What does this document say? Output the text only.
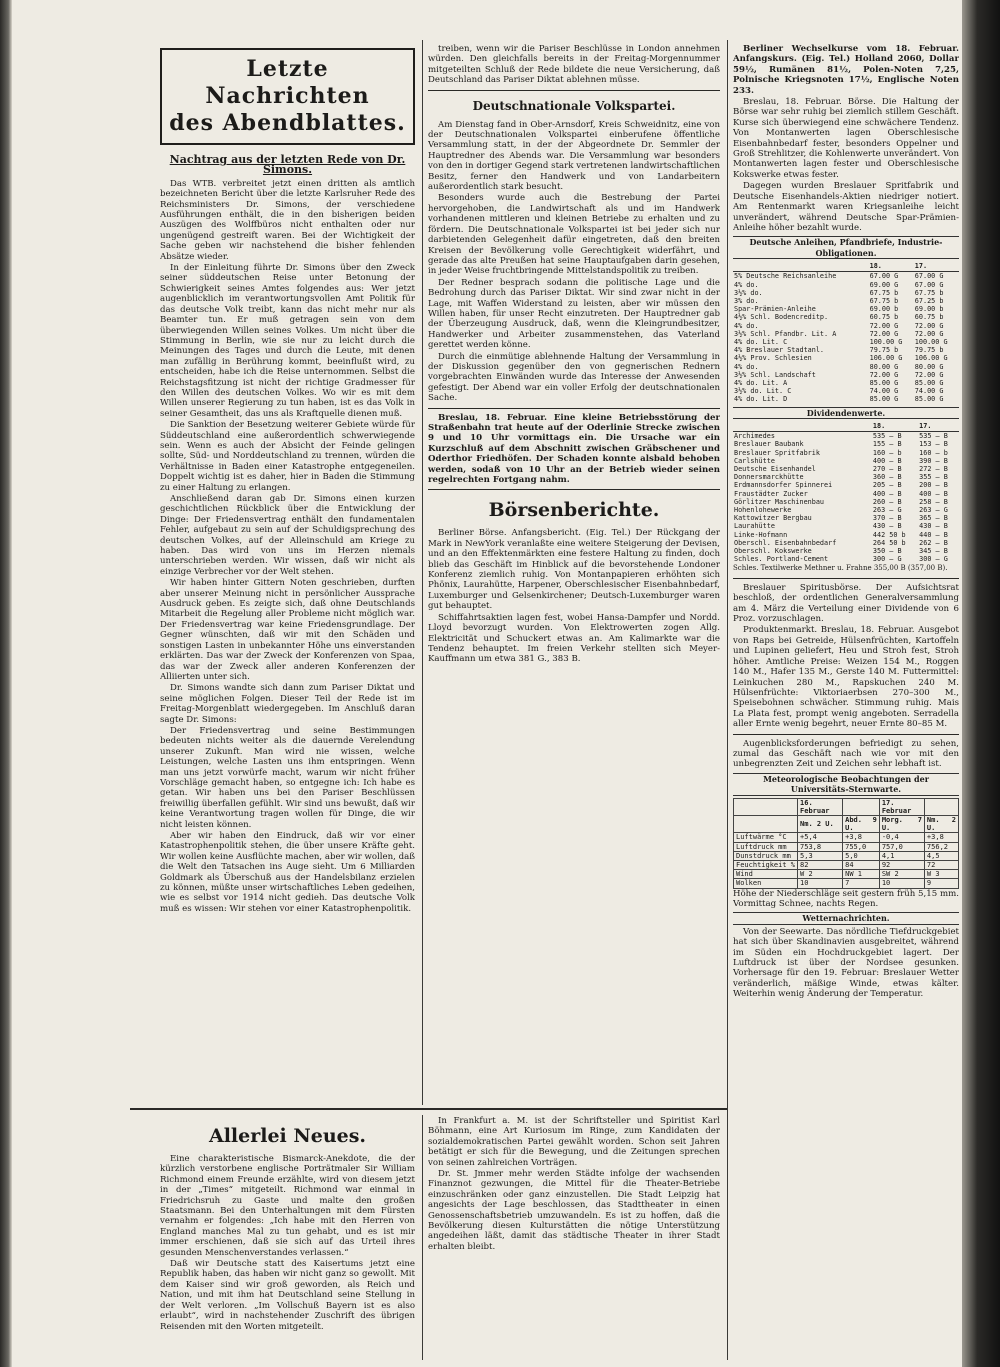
Letzte Nachrichten
des Abendblattes.
Nachtrag aus der letzten Rede von Dr. Simons.

Das WTB. verbreitet jetzt einen dritten als amtlich bezeichneten Bericht über die letzte Karlsruher Rede des Reichsministers Dr. Simons, der verschiedene Ausführungen enthält, die in den bisherigen beiden Auszügen des Wolffbüros nicht enthalten oder nur ungenügend gestreift waren. Bei der Wichtigkeit der Sache geben wir nachstehend die bisher fehlenden Absätze wieder.

In der Einleitung führte Dr. Simons über den Zweck seiner süddeutschen Reise unter Betonung der Schwierigkeit seines Amtes folgendes aus: Wer jetzt augenblicklich im verantwortungsvollen Amt Politik für das deutsche Volk treibt, kann das nicht mehr nur als Beamter tun. Er muß getragen sein von dem überwiegenden Willen seines Volkes. Um nicht über die Stimmung in Berlin, wie sie nur zu leicht durch die Meinungen des Tages und durch die Leute, mit denen man zufällig in Berührung kommt, beeinflußt wird, zu entscheiden, habe ich die Reise unternommen. Selbst die Reichstagsfitzung ist nicht der richtige Gradmesser für den Willen des deutschen Volkes. Wo wir es mit dem Willen unserer Regierung zu tun haben, ist es das Volk in seiner Gesamtheit, das uns als Kraftquelle dienen muß.

Die Sanktion der Besetzung weiterer Gebiete würde für Süddeutschland eine außerordentlich schwerwiegende sein. Wenn es auch der Absicht der Feinde gelingen sollte, Süd- und Norddeutschland zu trennen, würden die Verhältnisse in Baden einer Katastrophe entgegeneilen. Doppelt wichtig ist es daher, hier in Baden die Stimmung zu einer Haltung zu erlangen.

Anschließend daran gab Dr. Simons einen kurzen geschichtlichen Rückblick über die Entwicklung der Dinge: Der Friedensvertrag enthält den fundamentalen Fehler, aufgebaut zu sein auf der Schuldigsprechung des deutschen Volkes, auf der Alleinschuld am Kriege zu haben. Das wird von uns im Herzen niemals unterschrieben werden. Wir wissen, daß wir nicht als einzige Verbrecher vor der Welt stehen.

Wir haben hinter Gittern Noten geschrieben, durften aber unserer Meinung nicht in persönlicher Aussprache Ausdruck geben. Es zeigte sich, daß ohne Deutschlands Mitarbeit die Regelung aller Probleme nicht möglich war. Der Friedensvertrag war keine Friedensgrundlage. Der Gegner wünschten, daß wir mit den Schäden und sonstigen Lasten in unbekannter Höhe uns einverstanden erklärten. Das war der Zweck der Konferenzen von Spaa, das war der Zweck aller anderen Konferenzen der Alliierten unter sich.

Dr. Simons wandte sich dann zum Pariser Diktat und seine möglichen Folgen. Dieser Teil der Rede ist im Freitag-Morgenblatt wiedergegeben. Im Anschluß daran sagte Dr. Simons:

Der Friedensvertrag und seine Bestimmungen bedeuten nichts weiter als die dauernde Verelendung unserer Zukunft. Man wird nie wissen, welche Leistungen, welche Lasten uns ihm entspringen. Wenn man uns jetzt vorwürfe macht, warum wir nicht früher Vorschläge gemacht haben, so entgegne ich: Ich habe es getan. Wir haben uns bei den Pariser Beschlüssen freiwillig überfallen gefühlt. Wir sind uns bewußt, daß wir keine Verantwortung tragen wollen für Dinge, die wir nicht leisten können.

Aber wir haben den Eindruck, daß wir vor einer Katastrophenpolitik stehen, die über unsere Kräfte geht. Wir wollen keine Ausflüchte machen, aber wir wollen, daß die Welt den Tatsachen ins Auge sieht. Um 6 Milliarden Goldmark als Überschuß aus der Handelsbilanz erzielen zu können, müßte unser wirtschaftliches Leben gedeihen, wie es selbst vor 1914 nicht gedieh. Das deutsche Volk muß es wissen: Wir stehen vor einer Katastrophenpolitik.

treiben, wenn wir die Pariser Beschlüsse in London annehmen würden. Den gleichfalls bereits in der Freitag-Morgennummer mitgeteilten Schluß der Rede bildete die neue Versicherung, daß Deutschland das Pariser Diktat ablehnen müsse.

Deutschnationale Volkspartei.

Am Dienstag fand in Ober-Arnsdorf, Kreis Schweidnitz, eine von der Deutschnationalen Volkspartei einberufene öffentliche Versammlung statt, in der der Abgeordnete Dr. Semmler der Hauptredner des Abends war. Die Versammlung war besonders von den in dortiger Gegend stark vertretenen landwirtschaftlichen Besitz, ferner den Handwerk und von Landarbeitern außerordentlich stark besucht.

Besonders wurde auch die Bestrebung der Partei hervorgehoben, die Landwirtschaft als und im Handwerk vorhandenen mittleren und kleinen Betriebe zu erhalten und zu fördern. Die Deutschnationale Volkspartei ist bei jeder sich nur darbietenden Gelegenheit dafür eingetreten, daß den breiten Kreisen der Bevölkerung volle Gerechtigkeit widerfährt, und gerade das alte Preußen hat seine Hauptaufgaben darin gesehen, in jeder Weise fruchtbringende Mittelstandspolitik zu treiben.

Der Redner besprach sodann die politische Lage und die Bedrohung durch das Pariser Diktat. Wir sind zwar nicht in der Lage, mit Waffen Widerstand zu leisten, aber wir müssen den Willen haben, für unser Recht einzutreten. Der Hauptredner gab der Überzeugung Ausdruck, daß, wenn die Kleingrundbesitzer, Handwerker und Arbeiter zusammenstehen, das Vaterland gerettet werden könne.

Durch die einmütige ablehnende Haltung der Versammlung in der Diskussion gegenüber den von gegnerischen Rednern vorgebrachten Einwänden wurde das Interesse der Anwesenden gefestigt. Der Abend war ein voller Erfolg der deutschnationalen Sache.

Breslau, 18. Februar. Eine kleine Betriebsstörung der Straßenbahn trat heute auf der Oderlinie Strecke zwischen 9 und 10 Uhr vormittags ein. Die Ursache war ein Kurzschluß auf dem Abschnitt zwischen Gräbschener und Oderthor Friedhöfen. Der Schaden konnte alsbald behoben werden, sodaß von 10 Uhr an der Betrieb wieder seinen regelrechten Fortgang nahm.

Börsenberichte.

Berliner Börse. Anfangsbericht. (Eig. Tel.) Der Rückgang der Mark in NewYork veranlaßte eine weitere Steigerung der Devisen, und an den Effektenmärkten eine festere Haltung zu finden, doch blieb das Geschäft im Hinblick auf die bevorstehende Londoner Konferenz ziemlich ruhig. Von Montanpapieren erhöhten sich Phönix, Laurahütte, Harpener, Oberschlesischer Eisenbahnbedarf, Luxemburger und Gelsenkirchener; Deutsch-Luxemburger waren gut behauptet.

Schiffahrtsaktien lagen fest, wobei Hansa-Dampfer und Nordd. Lloyd bevorzugt wurden. Von Elektrowerten zogen Allg. Elektricität und Schuckert etwas an. Am Kalimarkte war die Tendenz behauptet. Im freien Verkehr stellten sich Meyer-Kauffmann um etwa 381 G., 383 B.

Berliner Wechselkurse vom 18. Februar. Anfangskurs. (Eig. Tel.) Holland 2060, Dollar 59½, Rumänen 81½, Polen-Noten 7,25, Polnische Kriegsnoten 17½, Englische Noten 233.

Breslau, 18. Februar. Börse. Die Haltung der Börse war sehr ruhig bei ziemlich stillem Geschäft. Kurse sich überwiegend eine schwächere Tendenz. Von Montanwerten lagen Oberschlesische Eisenbahnbedarf fester, besonders Oppelner und Groß Strehlitzer, die Kohlenwerte unverändert. Von Montanwerten lagen fester und Oberschlesische Kokswerke etwas fester.

Dagegen wurden Breslauer Spritfabrik und Deutsche Eisenhandels-Aktien niedriger notiert. Am Rentenmarkt waren Kriegsanleihe leicht unverändert, während Deutsche Spar-Prämien-Anleihe höher bezahlt wurde.

Deutsche Anleihen, Pfandbriefe, Industrie-Obligationen.
	18.	17.
5% Deutsche Reichsanleihe	67.00 G	67.00 G
4% do.	69.00 G	67.00 G
3½% do.	67.75 b	67.75 b
3% do.	67.75 b	67.25 b
Spar-Prämien-Anleihe	69.00 b	69.00 b
4½% Schl. Bodencreditp.	60.75 b	60.75 b
4% do.	72.00 G	72.00 G
3½% Schl. Pfandbr. Lit. A	72.00 G	72.00 G
4% do. Lit. C	100.00 G	100.00 G
4% Breslauer Stadtanl.	79.75 b	79.75 b
4½% Prov. Schlesien	106.00 G	106.00 G
4% do.	80.00 G	80.00 G
3½% Schl. Landschaft	72.00 G	72.00 G
4% do. Lit. A	85.00 G	85.00 G
3½% do. Lit. C	74.00 G	74.00 G
4% do. Lit. D	85.00 G	85.00 G
Dividendenwerte.
	18.	17.
Archimedes	535 — B	535 — B
Breslauer Baubank	155 — B	153 — B
Breslauer Spritfabrik	160 — b	160 — b
Carlshütte	400 — B	390 — B
Deutsche Eisenhandel	270 — B	272 — B
Donnersmarckhütte	360 — B	355 — B
Erdmannsdorfer Spinnerei	205 — B	200 — B
Fraustädter Zucker	400 — B	400 — B
Görlitzer Maschinenbau	260 — B	258 — B
Hohenlohewerke	263 — G	263 — G
Kattowitzer Bergbau	370 — B	365 — B
Laurahütte	430 — B	430 — B
Linke-Hofmann	442 50 b	440 — B
Oberschl. Eisenbahnbedarf	264 50 b	262 — B
Oberschl. Kokswerke	350 — B	345 — B
Schles. Portland-Cement	300 — G	300 — G

Schles. Textilwerke Methner u. Frahne 355,00 B (357,00 B).

Breslauer Spiritusbörse. Der Aufsichtsrat beschloß, der ordentlichen Generalversammlung am 4. März die Verteilung einer Dividende von 6 Proz. vorzuschlagen.

Produktenmarkt. Breslau, 18. Februar. Ausgebot von Raps bei Getreide, Hülsenfrüchten, Kartoffeln und Lupinen geliefert, Heu und Stroh fest, Stroh höher. Amtliche Preise: Weizen 154 M., Roggen 140 M., Hafer 135 M., Gerste 140 M. Futtermittel: Leinkuchen 280 M., Rapskuchen 240 M. Hülsenfrüchte: Viktoriaerbsen 270–300 M., Speisebohnen schwächer. Stimmung ruhig. Mais La Plata fest, prompt wenig angeboten. Serradella aller Ernte wenig begehrt, neuer Ernte 80–85 M.

Augenblicksforderungen befriedigt zu sehen, zumal das Geschäft nach wie vor mit den unbegrenzten Zeit und Zeichen sehr lebhaft ist.

Meteorologische Beobachtungen der Universitäts-Sternwarte.
	16. Februar		17. Februar	
	Nm. 2 U.	Abd. 9 U.	Morg. 7 U.	Nm. 2 U.
Luftwärme °C	+5,4	+3,8	-0,4	+3,8
Luftdruck mm	753,8	755,0	757,0	756,2
Dunstdruck mm	5,3	5,0	4,1	4,5
Feuchtigkeit %	82	84	92	72
Wind	W 2	NW 1	SW 2	W 3
Wolken	10	7	10	9

Höhe der Niederschläge seit gestern früh 5,15 mm. Vormittag Schnee, nachts Regen.

Wetternachrichten.

Von der Seewarte. Das nördliche Tiefdruckgebiet hat sich über Skandinavien ausgebreitet, während im Süden ein Hochdruckgebiet lagert. Der Luftdruck ist über der Nordsee gesunken. Vorhersage für den 19. Februar: Breslauer Wetter veränderlich, mäßige Winde, etwas kälter. Weiterhin wenig Änderung der Temperatur.

Allerlei Neues.

Eine charakteristische Bismarck-Anekdote, die der kürzlich verstorbene englische Porträtmaler Sir William Richmond einem Freunde erzählte, wird von diesem jetzt in der „Times“ mitgeteilt. Richmond war einmal in Friedrichsruh zu Gaste und malte den großen Staatsmann. Bei den Unterhaltungen mit dem Fürsten vernahm er folgendes: „Ich habe mit den Herren von England manches Mal zu tun gehabt, und es ist mir immer erschienen, daß sie sich auf das Urteil ihres gesunden Menschenverstandes verlassen.“

Daß wir Deutsche statt des Kaisertums jetzt eine Republik haben, das haben wir nicht ganz so gewollt. Mit dem Kaiser sind wir groß geworden, als Reich und Nation, und mit ihm hat Deutschland seine Stellung in der Welt verloren. „Im Vollschuß Bayern ist es also erlaubt“, wird in nachstehender Zuschrift des übrigen Reisenden mit den Worten mitgeteilt.

In Frankfurt a. M. ist der Schriftsteller und Spiritist Karl Böhmann, eine Art Kuriosum im Ringe, zum Kandidaten der sozialdemokratischen Partei gewählt worden. Schon seit Jahren betätigt er sich für die Bewegung, und die Zeitungen sprechen von seinen zahlreichen Vorträgen.

Dr. St. Jmmer mehr werden Städte infolge der wachsenden Finanznot gezwungen, die Mittel für die Theater-Betriebe einzuschränken oder ganz einzustellen. Die Stadt Leipzig hat angesichts der Lage beschlossen, das Stadttheater in einen Genossenschaftsbetrieb umzuwandeln. Es ist zu hoffen, daß die Bevölkerung diesen Kulturstätten die nötige Unterstützung angedeihen läßt, damit das städtische Theater in ihrer Stadt erhalten bleibt.
